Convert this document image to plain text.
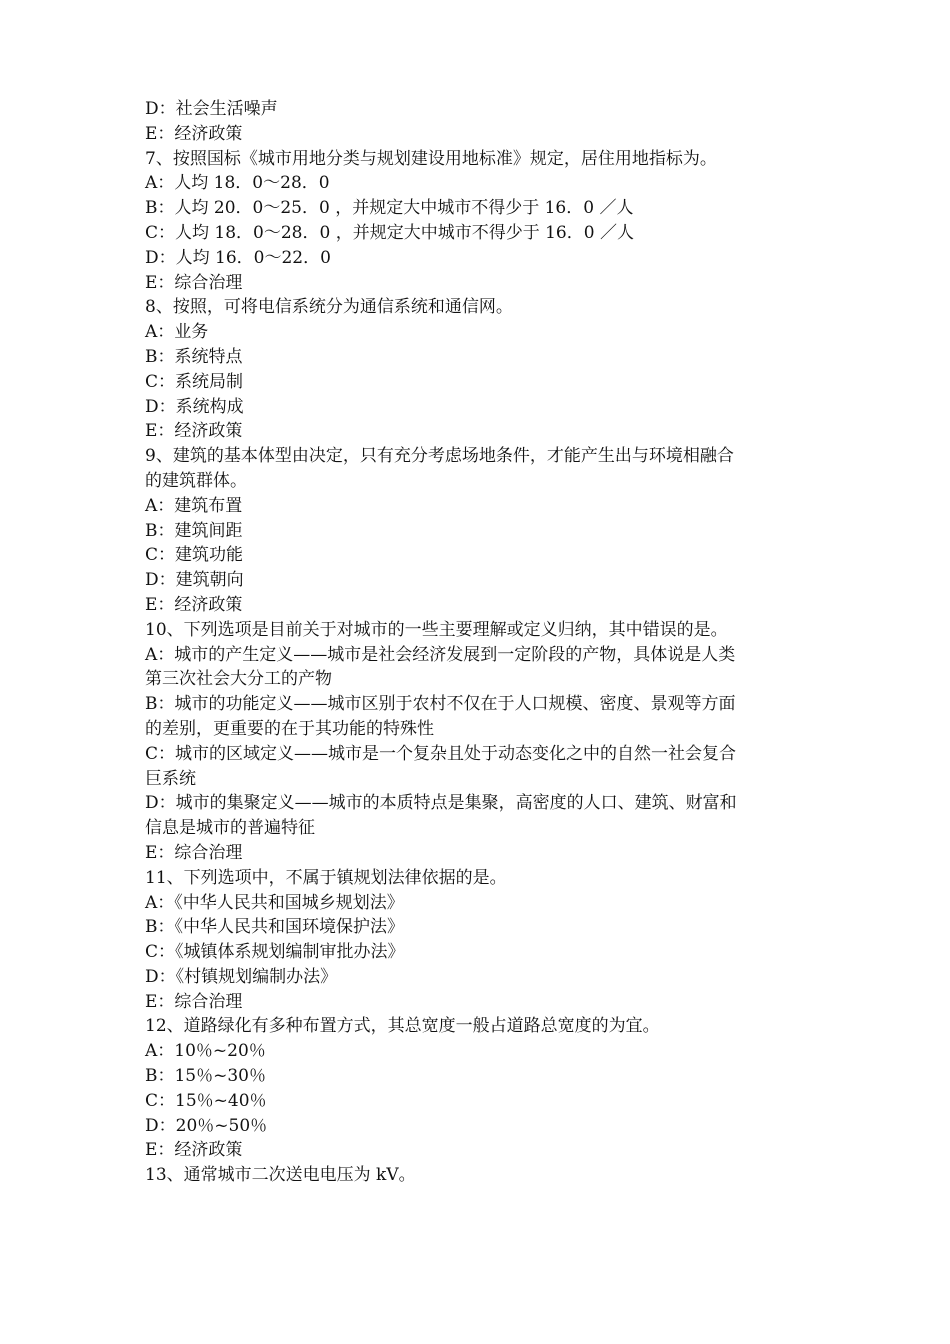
D：社会生活噪声

E：经济政策

7、按照国标《城市用地分类与规划建设用地标准》规定，居住用地指标为。

A：人均 18．0～28．0

B：人均 20．0～25．0 ，并规定大中城市不得少于 16．0 ／人

C：人均 18．0～28．0 ，并规定大中城市不得少于 16．0 ／人

D：人均 16．0～22．0

E：综合治理

8、按照，可将电信系统分为通信系统和通信网。

A：业务

B：系统特点

C：系统局制

D：系统构成

E：经济政策

9、建筑的基本体型由决定，只有充分考虑场地条件，才能产生出与环境相融合

的建筑群体。

A：建筑布置

B：建筑间距

C：建筑功能

D：建筑朝向

E：经济政策

10、下列选项是目前关于对城市的一些主要理解或定义归纳，其中错误的是。

A：城市的产生定义——城市是社会经济发展到一定阶段的产物，具体说是人类

第三次社会大分工的产物

B：城市的功能定义——城市区别于农村不仅在于人口规模、密度、景观等方面

的差别，更重要的在于其功能的特殊性

C：城市的区域定义——城市是一个复杂且处于动态变化之中的自然一社会复合

巨系统

D：城市的集聚定义——城市的本质特点是集聚，高密度的人口、建筑、财富和

信息是城市的普遍特征

E：综合治理

11、下列选项中，不属于镇规划法律依据的是。

A：《中华人民共和国城乡规划法》

B：《中华人民共和国环境保护法》

C：《城镇体系规划编制审批办法》

D：《村镇规划编制办法》

E：综合治理

12、道路绿化有多种布置方式，其总宽度一般占道路总宽度的为宜。

A：10％~20％

B：15％~30％

C：15％~40％

D：20％~50％

E：经济政策

13、通常城市二次送电电压为 kV。
